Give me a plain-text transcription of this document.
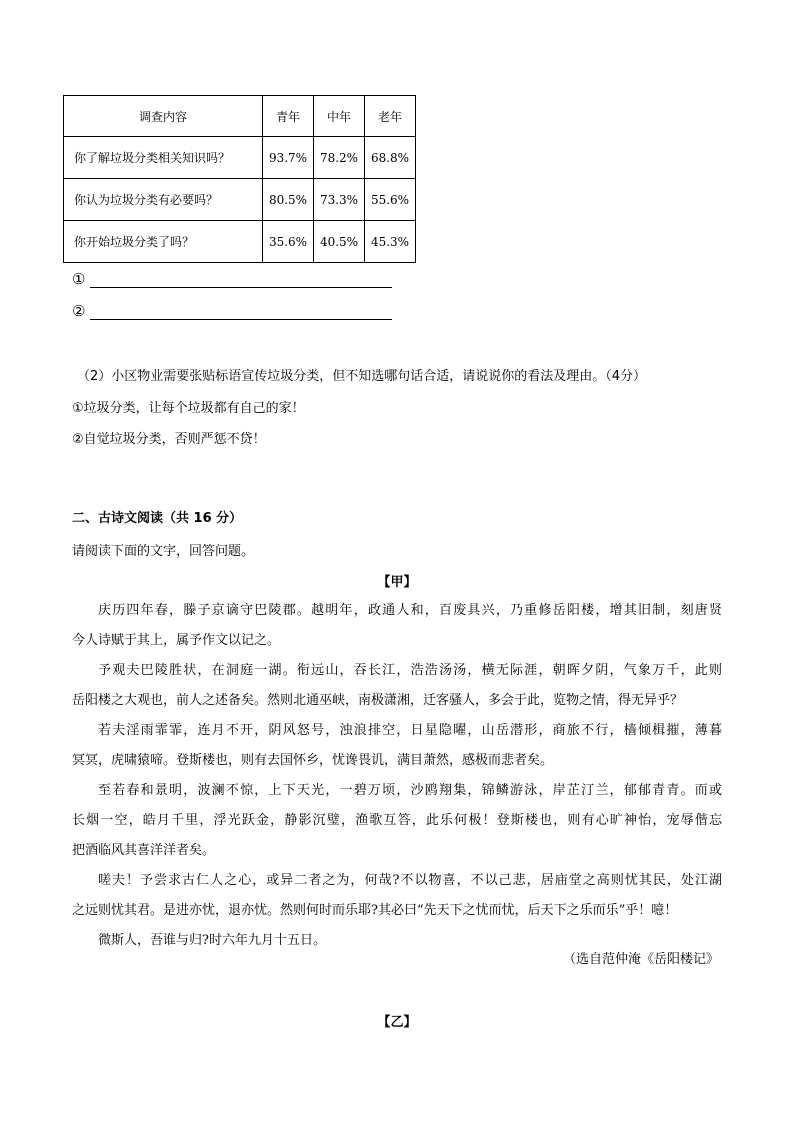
调查内容	青年	中年	老年
你了解垃圾分类相关知识吗？	93.7%	78.2%	68.8%
你认为垃圾分类有必要吗？	80.5%	73.3%	55.6%
你开始垃圾分类了吗？	35.6%	40.5%	45.3%
①
②
（2）小区物业需要张贴标语宣传垃圾分类，但不知选哪句话合适，请说说你的看法及理由。（4分）
①垃圾分类，让每个垃圾都有自己的家！
②自觉垃圾分类，否则严惩不贷！
二、古诗文阅读（共 16 分）
请阅读下面的文字，回答问题。
【甲】

庆历四年春，滕子京谪守巴陵郡。越明年，政通人和，百废具兴，乃重修岳阳楼，增其旧制，刻唐贤

今人诗赋于其上，属予作文以记之。

予观夫巴陵胜状，在洞庭一湖。衔远山，吞长江，浩浩汤汤，横无际涯，朝晖夕阴，气象万千，此则

岳阳楼之大观也，前人之述备矣。然则北通巫峡，南极潇湘，迁客骚人，多会于此，览物之情，得无异乎？

若夫淫雨霏霏，连月不开，阴风怒号，浊浪排空，日星隐曜，山岳潜形，商旅不行，樯倾楫摧，薄暮

冥冥，虎啸猿啼。登斯楼也，则有去国怀乡，忧谗畏讥，满目萧然，感极而悲者矣。

至若春和景明，波澜不惊，上下天光，一碧万顷，沙鸥翔集，锦鳞游泳，岸芷汀兰，郁郁青青。而或

长烟一空，皓月千里，浮光跃金，静影沉璧，渔歌互答，此乐何极！登斯楼也，则有心旷神怡，宠辱偕忘

把酒临风其喜洋洋者矣。

嗟夫！予尝求古仁人之心，或异二者之为，何哉?不以物喜，不以己悲，居庙堂之高则忧其民，处江湖

之远则忧其君。是进亦忧，退亦忧。然则何时而乐耶?其必曰“先天下之忧而忧，后天下之乐而乐”乎！噫！

微斯人，吾谁与归?时六年九月十五日。

（选自范仲淹《岳阳楼记》
【乙】
